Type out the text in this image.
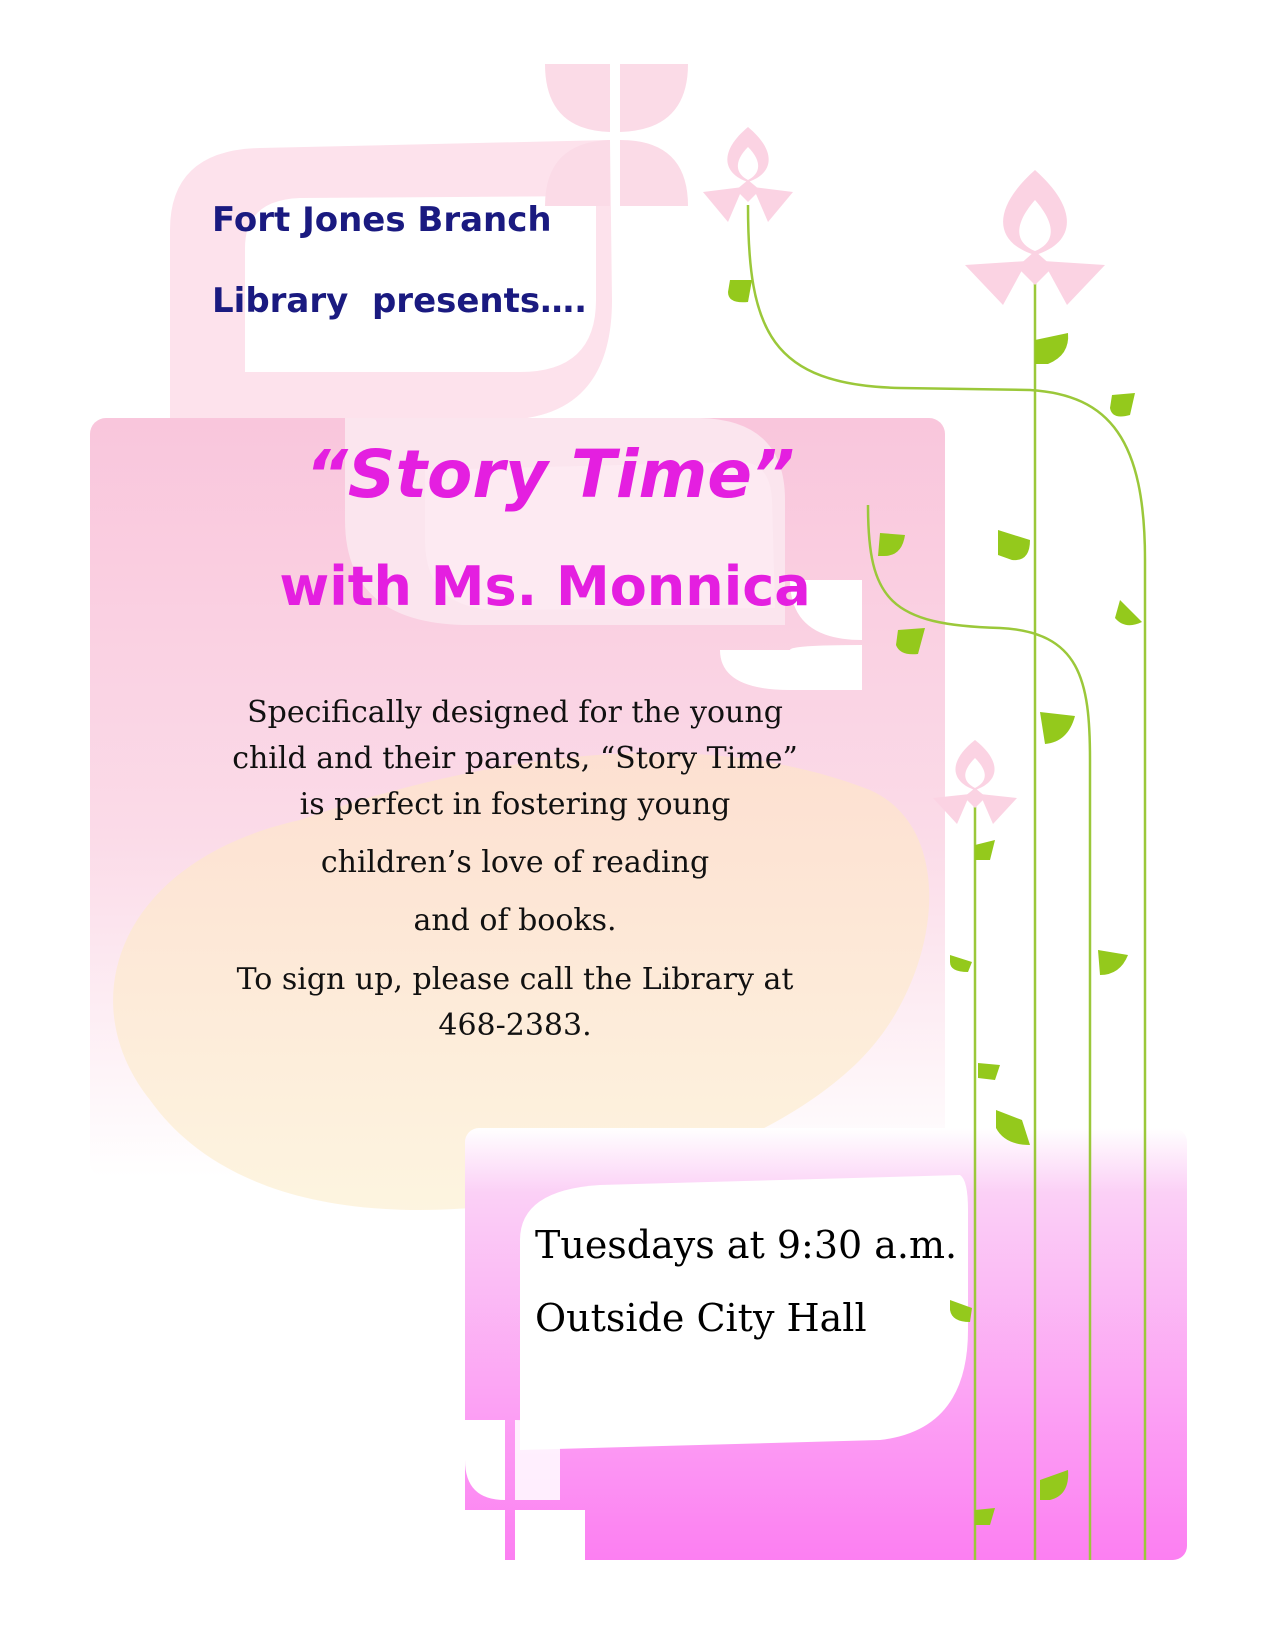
Fort Jones Branch

Library  presents….

“Story Time”
with Ms. Monnica

Specifically designed for the young

child and their parents, “Story Time”

is perfect in fostering young

children’s love of reading

and of books.

To sign up, please call the Library at

468-2383.

Tuesdays at 9:30 a.m.

Outside City Hall
